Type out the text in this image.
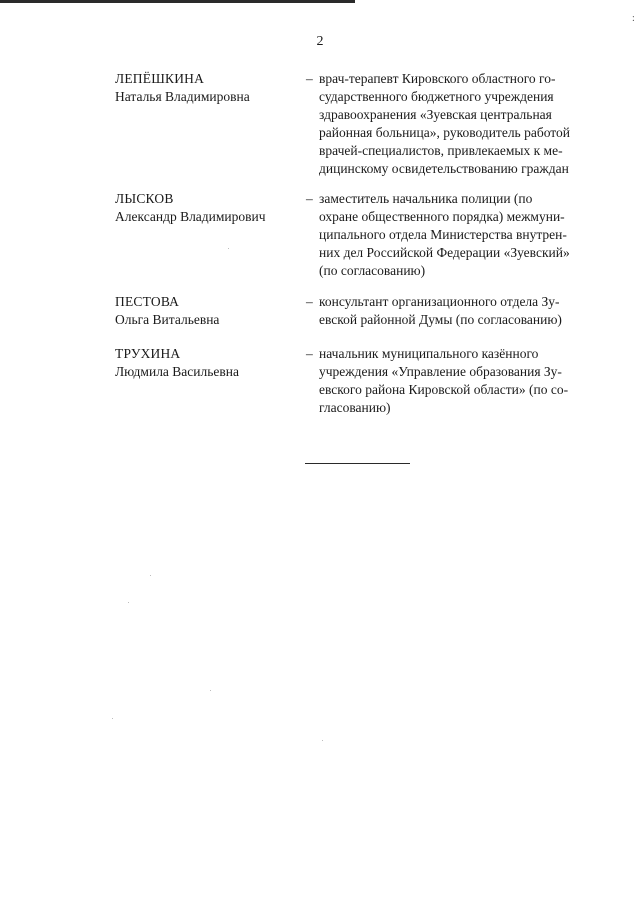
:
2
ЛЕПЁШКИНА
Наталья Владимировна
– врач-терапевт Кировского областного го-
сударственного бюджетного учреждения
здравоохранения «Зуевская центральная
районная больница», руководитель работой
врачей-специалистов, привлекаемых к ме-
дицинскому освидетельствованию граждан

ЛЫСКОВ
Александр Владимирович
– заместитель начальника полиции (по
охране общественного порядка) межмуни-
ципального отдела Министерства внутрен-
них дел Российской Федерации «Зуевский»
(по согласованию)

ПЕСТОВА
Ольга Витальевна
– консультант организационного отдела Зу-
евской районной Думы (по согласованию)

ТРУХИНА
Людмила Васильевна
– начальник муниципального казённого
учреждения «Управление образования Зу-
евского района Кировской области» (по со-
гласованию)
